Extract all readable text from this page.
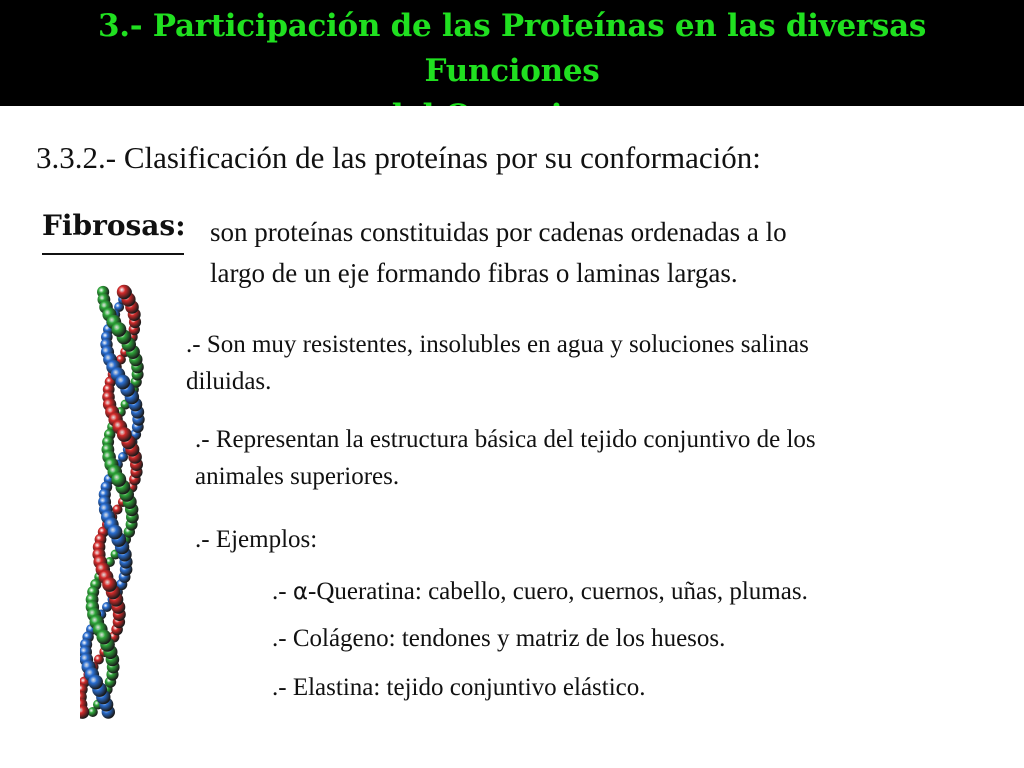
3.- Participación de las Proteínas en las diversas Funciones

3.3.2.- Clasificación de las proteínas por su conformación:

Fibrosas: son proteínas constituidas por cadenas ordenadas a lo
largo de un eje formando fibras o laminas largas.

.- Son muy resistentes, insolubles en agua y soluciones salinas
diluidas.

.- Representan la estructura básica del tejido conjuntivo de los
animales superiores.

.- Ejemplos:

.- α-Queratina: cabello, cuero, cuernos, uñas, plumas.

.- Colágeno: tendones y matriz de los huesos.

.- Elastina: tejido conjuntivo elástico.
